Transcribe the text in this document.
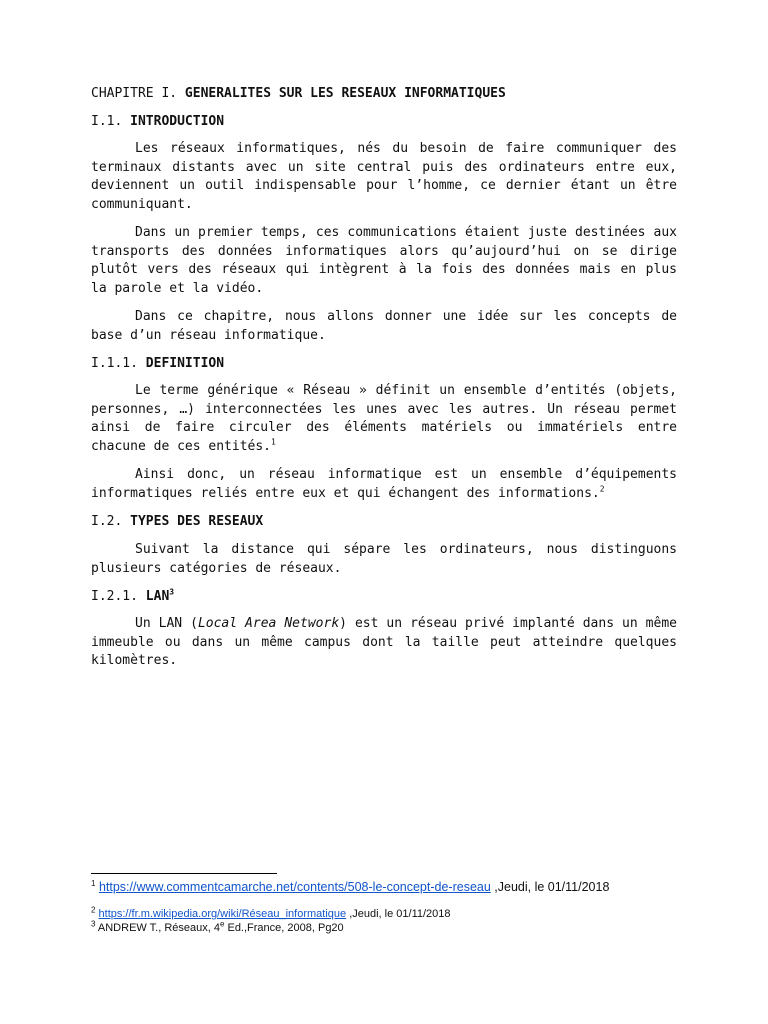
CHAPITRE I. GENERALITES SUR LES RESEAUX INFORMATIQUES
I.1. INTRODUCTION

Les réseaux informatiques, nés du besoin de faire communiquer des terminaux distants avec un site central puis des ordinateurs entre eux, deviennent un outil indispensable pour l’homme, ce dernier étant un être communiquant.

Dans un premier temps, ces communications étaient juste destinées aux transports des données informatiques alors qu’aujourd’hui on se dirige plutôt vers des réseaux qui intègrent à la fois des données mais en plus la parole et la vidéo.

Dans ce chapitre, nous allons donner une idée sur les concepts de base d’un réseau informatique.

I.1.1. DEFINITION

Le terme générique « Réseau » définit un ensemble d’entités (objets, personnes, …) interconnectées les unes avec les autres. Un réseau permet ainsi de faire circuler des éléments matériels ou immatériels entre chacune de ces entités.$^1$

Ainsi donc, un réseau informatique est un ensemble d’équipements informatiques reliés entre eux et qui échangent des informations.$^2$

I.2. TYPES DES RESEAUX

Suivant la distance qui sépare les ordinateurs, nous distinguons plusieurs catégories de réseaux.

I.2.1. LAN$^3$

Un LAN (Local Area Network) est un réseau privé implanté dans un même immeuble ou dans un même campus dont la taille peut atteindre quelques kilomètres.

$^1$ https://www.commentcamarche.net/contents/508-le-concept-de-reseau ,Jeudi, le 01/11/2018
$^2$ https://fr.m.wikipedia.org/wiki/Réseau_informatique ,Jeudi, le 01/11/2018
$^3$ ANDREW T., Réseaux, 4e Ed.,France, 2008, Pg20
